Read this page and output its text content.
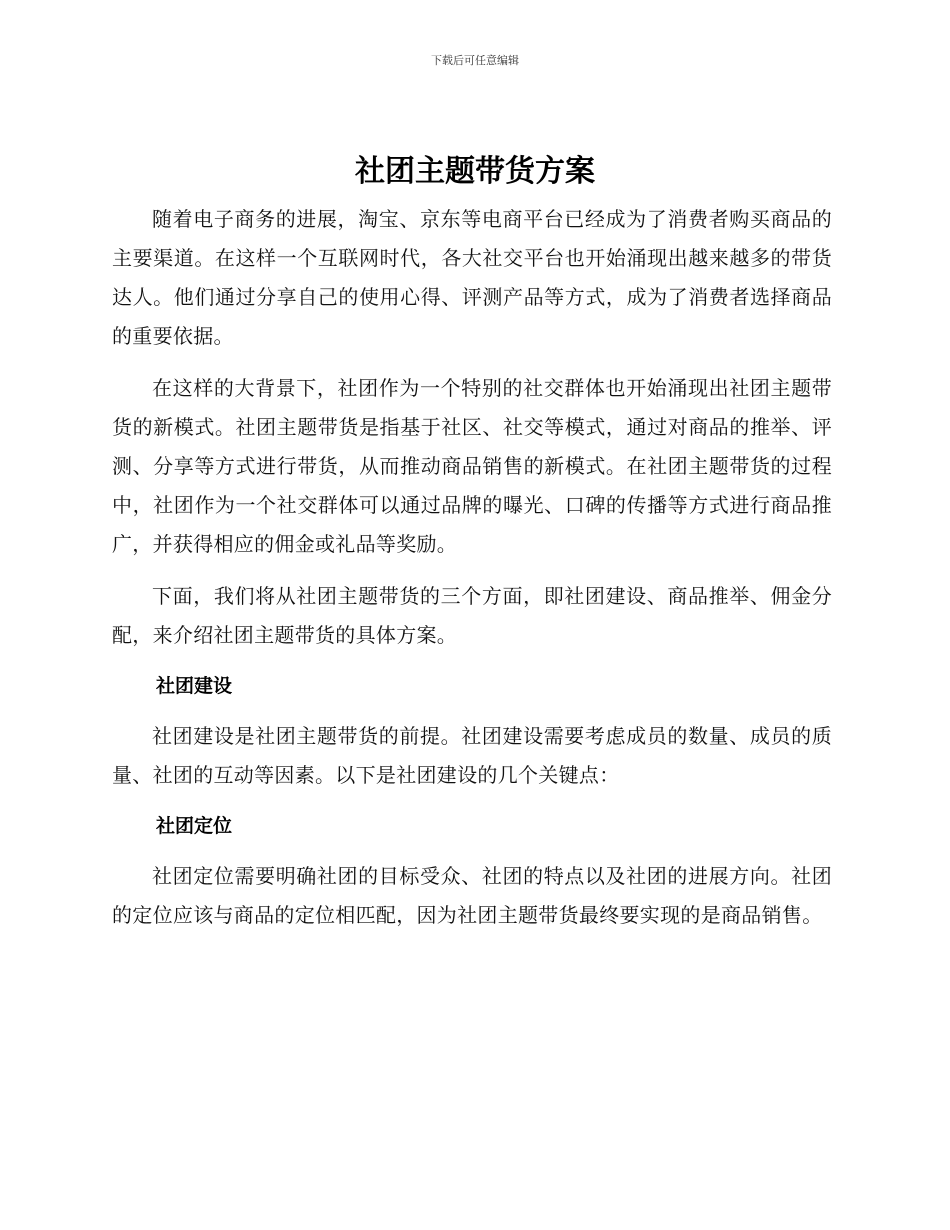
下载后可任意编辑
社团主题带货方案

随着电子商务的进展，淘宝、京东等电商平台已经成为了消费者购买商品的主要渠道。在这样一个互联网时代，各大社交平台也开始涌现出越来越多的带货达人。他们通过分享自己的使用心得、评测产品等方式，成为了消费者选择商品的重要依据。

在这样的大背景下，社团作为一个特别的社交群体也开始涌现出社团主题带货的新模式。社团主题带货是指基于社区、社交等模式，通过对商品的推举、评测、分享等方式进行带货，从而推动商品销售的新模式。在社团主题带货的过程中，社团作为一个社交群体可以通过品牌的曝光、口碑的传播等方式进行商品推广，并获得相应的佣金或礼品等奖励。

下面，我们将从社团主题带货的三个方面，即社团建设、商品推举、佣金分配，来介绍社团主题带货的具体方案。

社团建设

社团建设是社团主题带货的前提。社团建设需要考虑成员的数量、成员的质量、社团的互动等因素。以下是社团建设的几个关键点：

社团定位

社团定位需要明确社团的目标受众、社团的特点以及社团的进展方向。社团的定位应该与商品的定位相匹配，因为社团主题带货最终要实现的是商品销售。
